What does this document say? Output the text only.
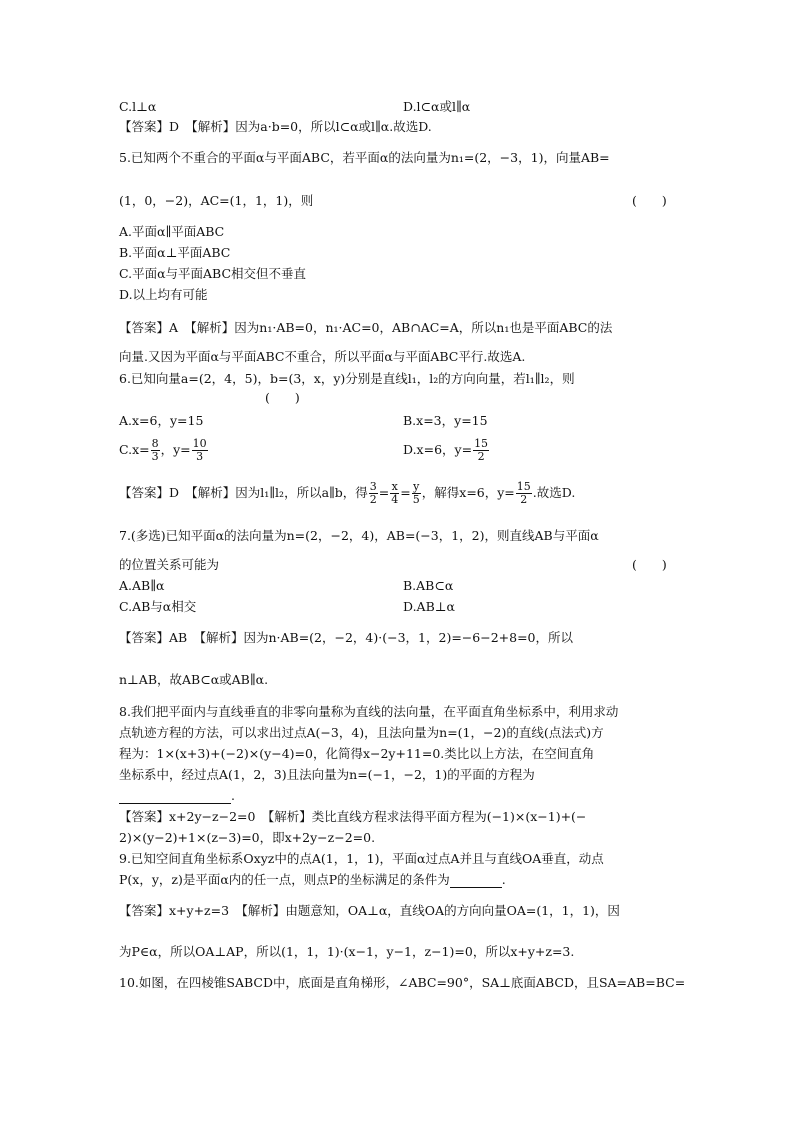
C.l⊥α	D.l⊂α或l∥α
【答案】D　【解析】因为a·b=0，所以l⊂α或l∥α.故选D.
5.已知两个不重合的平面α与平面ABC，若平面α的法向量为n₁=(2，−3，1)，向量AB=
(1，0，−2)，AC=(1，1，1)，则	(　　)
A.平面α∥平面ABC
B.平面α⊥平面ABC
C.平面α与平面ABC相交但不垂直
D.以上均有可能
【答案】A　【解析】因为n₁·AB=0，n₁·AC=0，AB∩AC=A，所以n₁也是平面ABC的法
向量.又因为平面α与平面ABC不重合，所以平面α与平面ABC平行.故选A.
6.已知向量a=(2，4，5)，b=(3，x，y)分别是直线l₁，l₂的方向向量，若l₁∥l₂，则
(　　)
A.x=6，y=15	B.x=3，y=15
$C.x= \frac{8}{3}$ ，$y= \frac{10}{3}$	D.x=6，$y= \frac{15}{2}$
【答案】D　【解析】因为l₁∥l₂，所以a∥b，得 $\frac{3}{2} = \frac{x}{4} = \frac{y}{5}$ ，解得x=6，$y= \frac{15}{2}$ .故选D.
7.(多选)已知平面α的法向量为n=(2，−2，4)，AB=(−3，1，2)，则直线AB与平面α
的位置关系可能为	(　　)
A.AB∥α	B.AB⊂α
C.AB与α相交	D.AB⊥α
【答案】AB　【解析】因为n·AB=(2，−2，4)·(−3，1，2)=−6−2+8=0，所以
n⊥AB，故AB⊂α或AB∥α.
8.我们把平面内与直线垂直的非零向量称为直线的法向量，在平面直角坐标系中，利用求动
点轨迹方程的方法，可以求出过点A(−3，4)，且法向量为n=(1，−2)的直线(点法式)方
程为：1×(x+3)+(−2)×(y−4)=0，化简得x−2y+11=0.类比以上方法，在空间直角
坐标系中，经过点A(1，2，3)且法向量为n=(−1，−2，1)的平面的方程为
.
【答案】x+2y−z−2=0　【解析】类比直线方程求法得平面方程为(−1)×(x−1)+(−
2)×(y−2)+1×(z−3)=0，即x+2y−z−2=0.
9.已知空间直角坐标系Oxyz中的点A(1，1，1)，平面α过点A并且与直线OA垂直，动点
P(x，y，z)是平面α内的任一点，则点P的坐标满足的条件为	.
【答案】x+y+z=3　【解析】由题意知，OA⊥α，直线OA的方向向量OA=(1，1，1)，因
为P∈α，所以OA⊥AP，所以(1，1，1)·(x−1，y−1，z−1)=0，所以x+y+z=3.
10.如图，在四棱锥SABCD中，底面是直角梯形，∠ABC=90°，SA⊥底面ABCD，且SA=AB=BC=
